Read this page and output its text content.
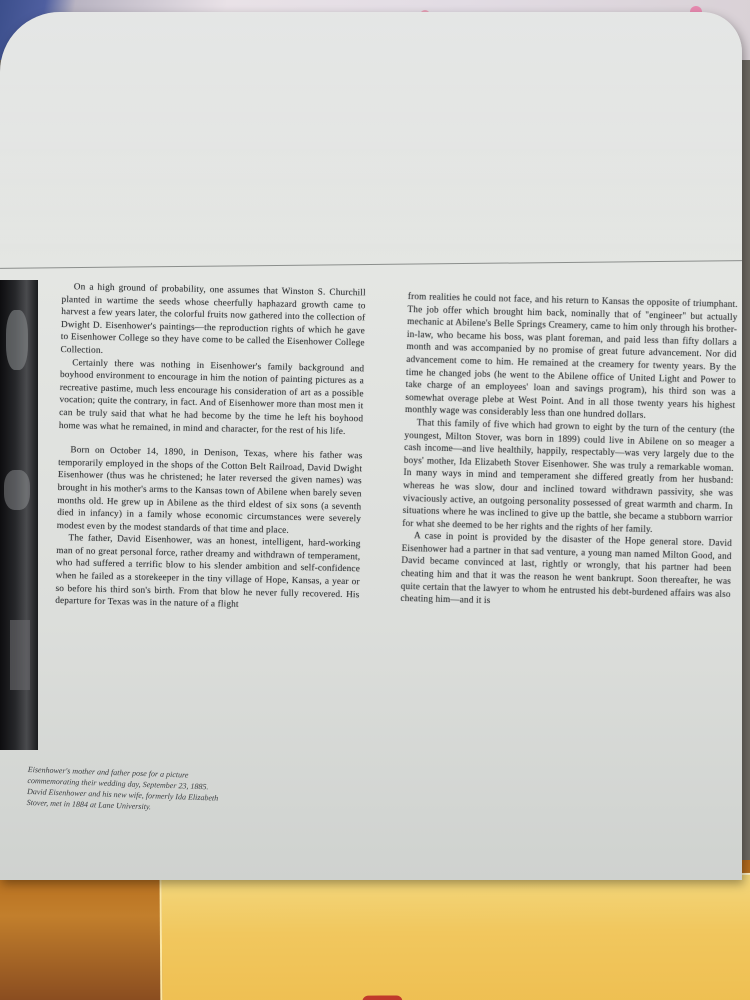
On a high ground of probability, one assumes that Winston S. Churchill planted in wartime the seeds whose cheerfully haphazard growth came to harvest a few years later, the colorful fruits now gathered into the collection of Dwight D. Eisenhower's paintings—the reproduction rights of which he gave to Eisenhower College so they have come to be called the Eisenhower College Collection.

Certainly there was nothing in Eisenhower's family background and boyhood environment to encourage in him the notion of painting pictures as a recreative pastime, much less encourage his consideration of art as a possible vocation; quite the contrary, in fact. And of Eisenhower more than most men it can be truly said that what he had become by the time he left his boyhood home was what he remained, in mind and character, for the rest of his life.

Born on October 14, 1890, in Denison, Texas, where his father was temporarily employed in the shops of the Cotton Belt Railroad, David Dwight Eisenhower (thus was he christened; he later reversed the given names) was brought in his mother's arms to the Kansas town of Abilene when barely seven months old. He grew up in Abilene as the third eldest of six sons (a seventh died in infancy) in a family whose economic circumstances were severely modest even by the modest standards of that time and place.

The father, David Eisenhower, was an honest, intelligent, hard-working man of no great personal force, rather dreamy and withdrawn of temperament, who had suffered a terrific blow to his slender ambition and self-confidence when he failed as a storekeeper in the tiny village of Hope, Kansas, a year or so before his third son's birth. From that blow he never fully recovered. His departure for Texas was in the nature of a flight

from realities he could not face, and his return to Kansas the opposite of triumphant. The job offer which brought him back, nominally that of "engineer" but actually mechanic at Abilene's Belle Springs Creamery, came to him only through his brother-in-law, who became his boss, was plant foreman, and paid less than fifty dollars a month and was accompanied by no promise of great future advancement. Nor did advancement come to him. He remained at the creamery for twenty years. By the time he changed jobs (he went to the Abilene office of United Light and Power to take charge of an employees' loan and savings program), his third son was a somewhat overage plebe at West Point. And in all those twenty years his highest monthly wage was considerably less than one hundred dollars.

That this family of five which had grown to eight by the turn of the century (the youngest, Milton Stover, was born in 1899) could live in Abilene on so meager a cash income—and live healthily, happily, respectably—was very largely due to the boys' mother, Ida Elizabeth Stover Eisenhower. She was truly a remarkable woman. In many ways in mind and temperament she differed greatly from her husband: whereas he was slow, dour and inclined toward withdrawn passivity, she was vivaciously active, an outgoing personality possessed of great warmth and charm. In situations where he was inclined to give up the battle, she became a stubborn warrior for what she deemed to be her rights and the rights of her family.

A case in point is provided by the disaster of the Hope general store. David Eisenhower had a partner in that sad venture, a young man named Milton Good, and David became convinced at last, rightly or wrongly, that his partner had been cheating him and that it was the reason he went bankrupt. Soon thereafter, he was quite certain that the lawyer to whom he entrusted his debt-burdened affairs was also cheating him—and it is

Eisenhower's mother and father pose for a picture commemorating their wedding day, September 23, 1885. David Eisenhower and his new wife, formerly Ida Elizabeth Stover, met in 1884 at Lane University.
